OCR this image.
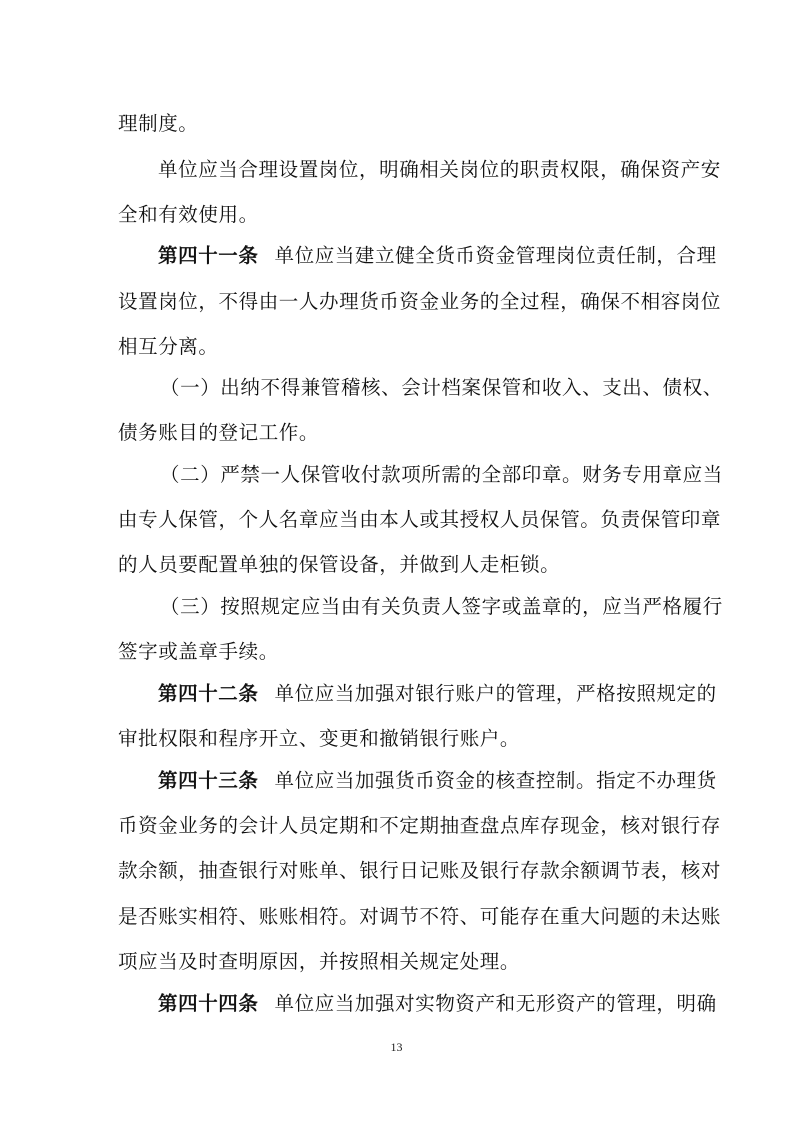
理制度。
单位应当合理设置岗位，明确相关岗位的职责权限，确保资产安
全和有效使用。
第四十一条 单位应当建立健全货币资金管理岗位责任制，合理
设置岗位，不得由一人办理货币资金业务的全过程，确保不相容岗位
相互分离。
（一）出纳不得兼管稽核、会计档案保管和收入、支出、债权、
债务账目的登记工作。
（二）严禁一人保管收付款项所需的全部印章。财务专用章应当
由专人保管，个人名章应当由本人或其授权人员保管。负责保管印章
的人员要配置单独的保管设备，并做到人走柜锁。
（三）按照规定应当由有关负责人签字或盖章的，应当严格履行
签字或盖章手续。
第四十二条 单位应当加强对银行账户的管理，严格按照规定的
审批权限和程序开立、变更和撤销银行账户。
第四十三条 单位应当加强货币资金的核查控制。指定不办理货
币资金业务的会计人员定期和不定期抽查盘点库存现金，核对银行存
款余额，抽查银行对账单、银行日记账及银行存款余额调节表，核对
是否账实相符、账账相符。对调节不符、可能存在重大问题的未达账
项应当及时查明原因，并按照相关规定处理。
第四十四条 单位应当加强对实物资产和无形资产的管理，明确
13
